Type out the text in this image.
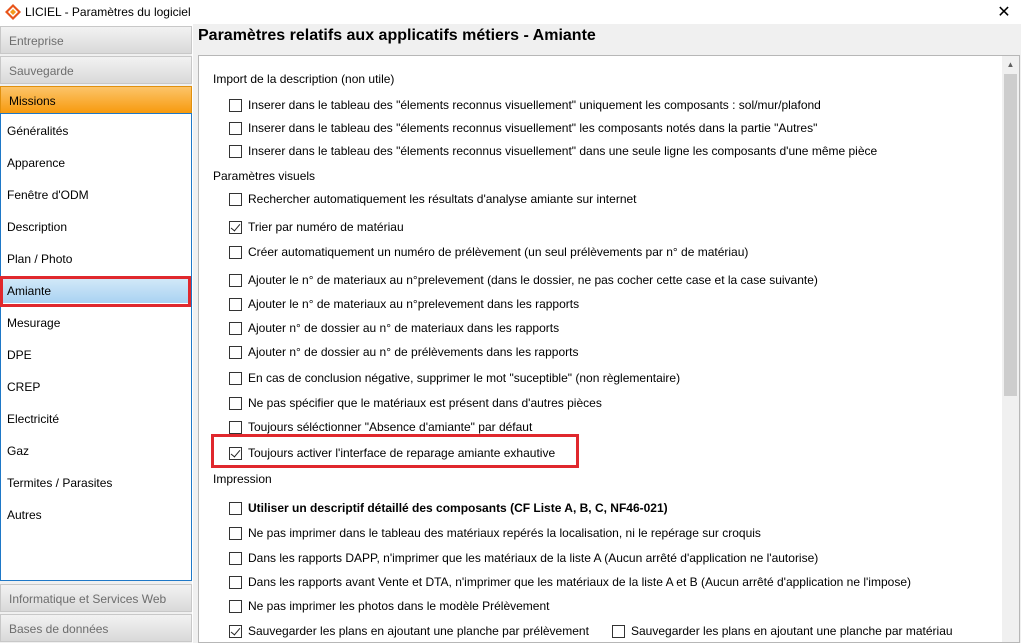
LICIEL - Paramètres du logiciel	✕
Entreprise
Sauvegarde
Missions
Généralités
Apparence
Fenêtre d'ODM
Description
Plan / Photo
Amiante
Mesurage
DPE
CREP
Electricité
Gaz
Termites / Parasites
Autres
Informatique et Services Web
Bases de données
Paramètres relatifs aux applicatifs métiers - Amiante
Import de la description (non utile)
Inserer dans le tableau des "élements reconnus visuellement" uniquement les composants : sol/mur/plafond
Inserer dans le tableau des "élements reconnus visuellement" les composants notés dans la partie "Autres"
Inserer dans le tableau des "élements reconnus visuellement" dans une seule ligne les composants d'une même pièce
Paramètres visuels
Rechercher automatiquement les résultats d'analyse amiante sur internet
Trier par numéro de matériau
Créer automatiquement un numéro de prélèvement (un seul prélèvements par n° de matériau)
Ajouter le n° de materiaux au n°prelevement (dans le dossier, ne pas cocher cette case et la case suivante)
Ajouter le n° de materiaux au n°prelevement dans les rapports
Ajouter n° de dossier au n° de materiaux dans les rapports
Ajouter n° de dossier au n° de prélèvements dans les rapports
En cas de conclusion négative, supprimer le mot "suceptible" (non règlementaire)
Ne pas spécifier que le matériaux est présent dans d'autres pièces
Toujours séléctionner "Absence d'amiante" par défaut
Toujours activer l'interface de reparage amiante exhautive
Impression
Utiliser un descriptif détaillé des composants (CF Liste A, B, C, NF46-021)
Ne pas imprimer dans le tableau des matériaux repérés la localisation, ni le repérage sur croquis
Dans les rapports DAPP, n'imprimer que les matériaux de la liste A (Aucun arrêté d'application ne l'autorise)
Dans les rapports avant Vente et DTA, n'imprimer que les matériaux de la liste A et B (Aucun arrêté d'application ne l'impose)
Ne pas imprimer les photos dans le modèle Prélèvement
Sauvegarder les plans en ajoutant une planche par prélèvement	Sauvegarder les plans en ajoutant une planche par matériau
▲
